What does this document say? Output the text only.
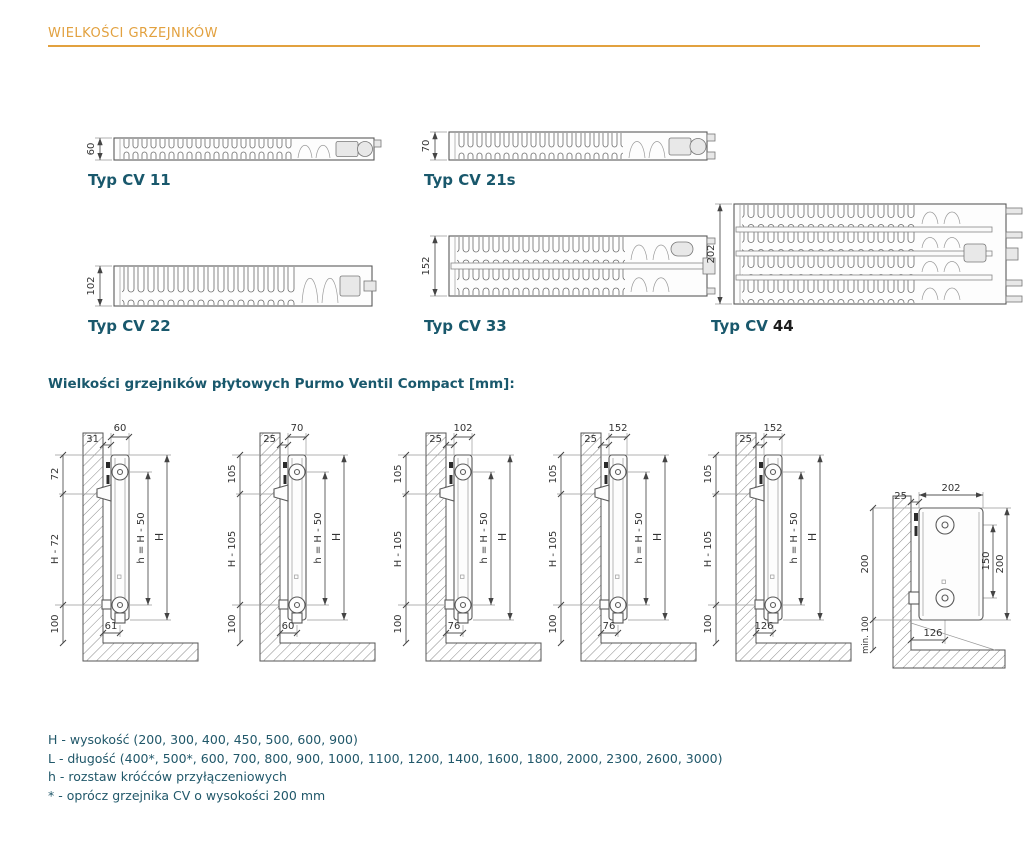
WIELKOŚCI GRZEJNIKÓW
60
Typ CV 11
70
Typ CV 21s
102
Typ CV 22
152
Typ CV 33
202
Typ CV 44
Wielkości grzejników płytowych Purmo Ventil Compact [mm]:
31
60
72
H - 72
100
h = H - 50 H
61
25
70
105
H - 105
100
h = H - 50 H
60
25
102
105
H - 105
100
h = H - 50 H
76
25
152
105
H - 105
100
h = H - 50 H
76
25
152
105
H - 105
100
h = H - 50 H
126
25
202
150 200
200
min. 100	126
H - wysokość (200, 300, 400, 450, 500, 600, 900)
L - długość (400*, 500*, 600, 700, 800, 900, 1000, 1100, 1200, 1400, 1600, 1800, 2000, 2300, 2600, 3000)
h - rozstaw króćców przyłączeniowych
* - oprócz grzejnika CV o wysokości 200 mm
